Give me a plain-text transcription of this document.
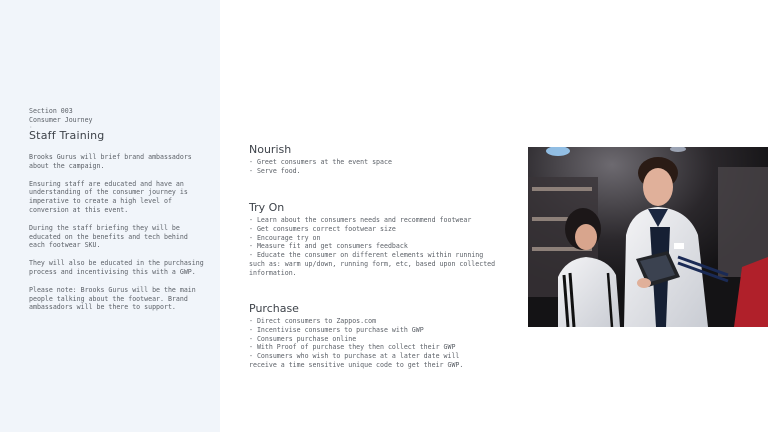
Section 003
Consumer Journey
·
Staff Training

Brooks Gurus will brief brand ambassadors
about the campaign.

Ensuring staff are educated and have an
understanding of the consumer journey is
imperative to create a high level of
conversion at this event.

During the staff briefing they will be
educated on the benefits and tech behind
each footwear SKU.

They will also be educated in the purchasing
process and incentivising this with a GWP.

Please note: Brooks Gurus will be the main
people talking about the footwear. Brand
ambassadors will be there to support.

Nourish
- Greet consumers at the event space
- Serve food.
Try On
- Learn about the consumers needs and recommend footwear
- Get consumers correct footwear size
- Encourage try on
- Measure fit and get consumers feedback
- Educate the consumer on different elements within running
such as: warm up/down, running form, etc, based upon collected
information.
Purchase
- Direct consumers to Zappos.com
- Incentivise consumers to purchase with GWP
- Consumers purchase online
- With Proof of purchase they then collect their GWP
- Consumers who wish to purchase at a later date will
receive a time sensitive unique code to get their GWP.
